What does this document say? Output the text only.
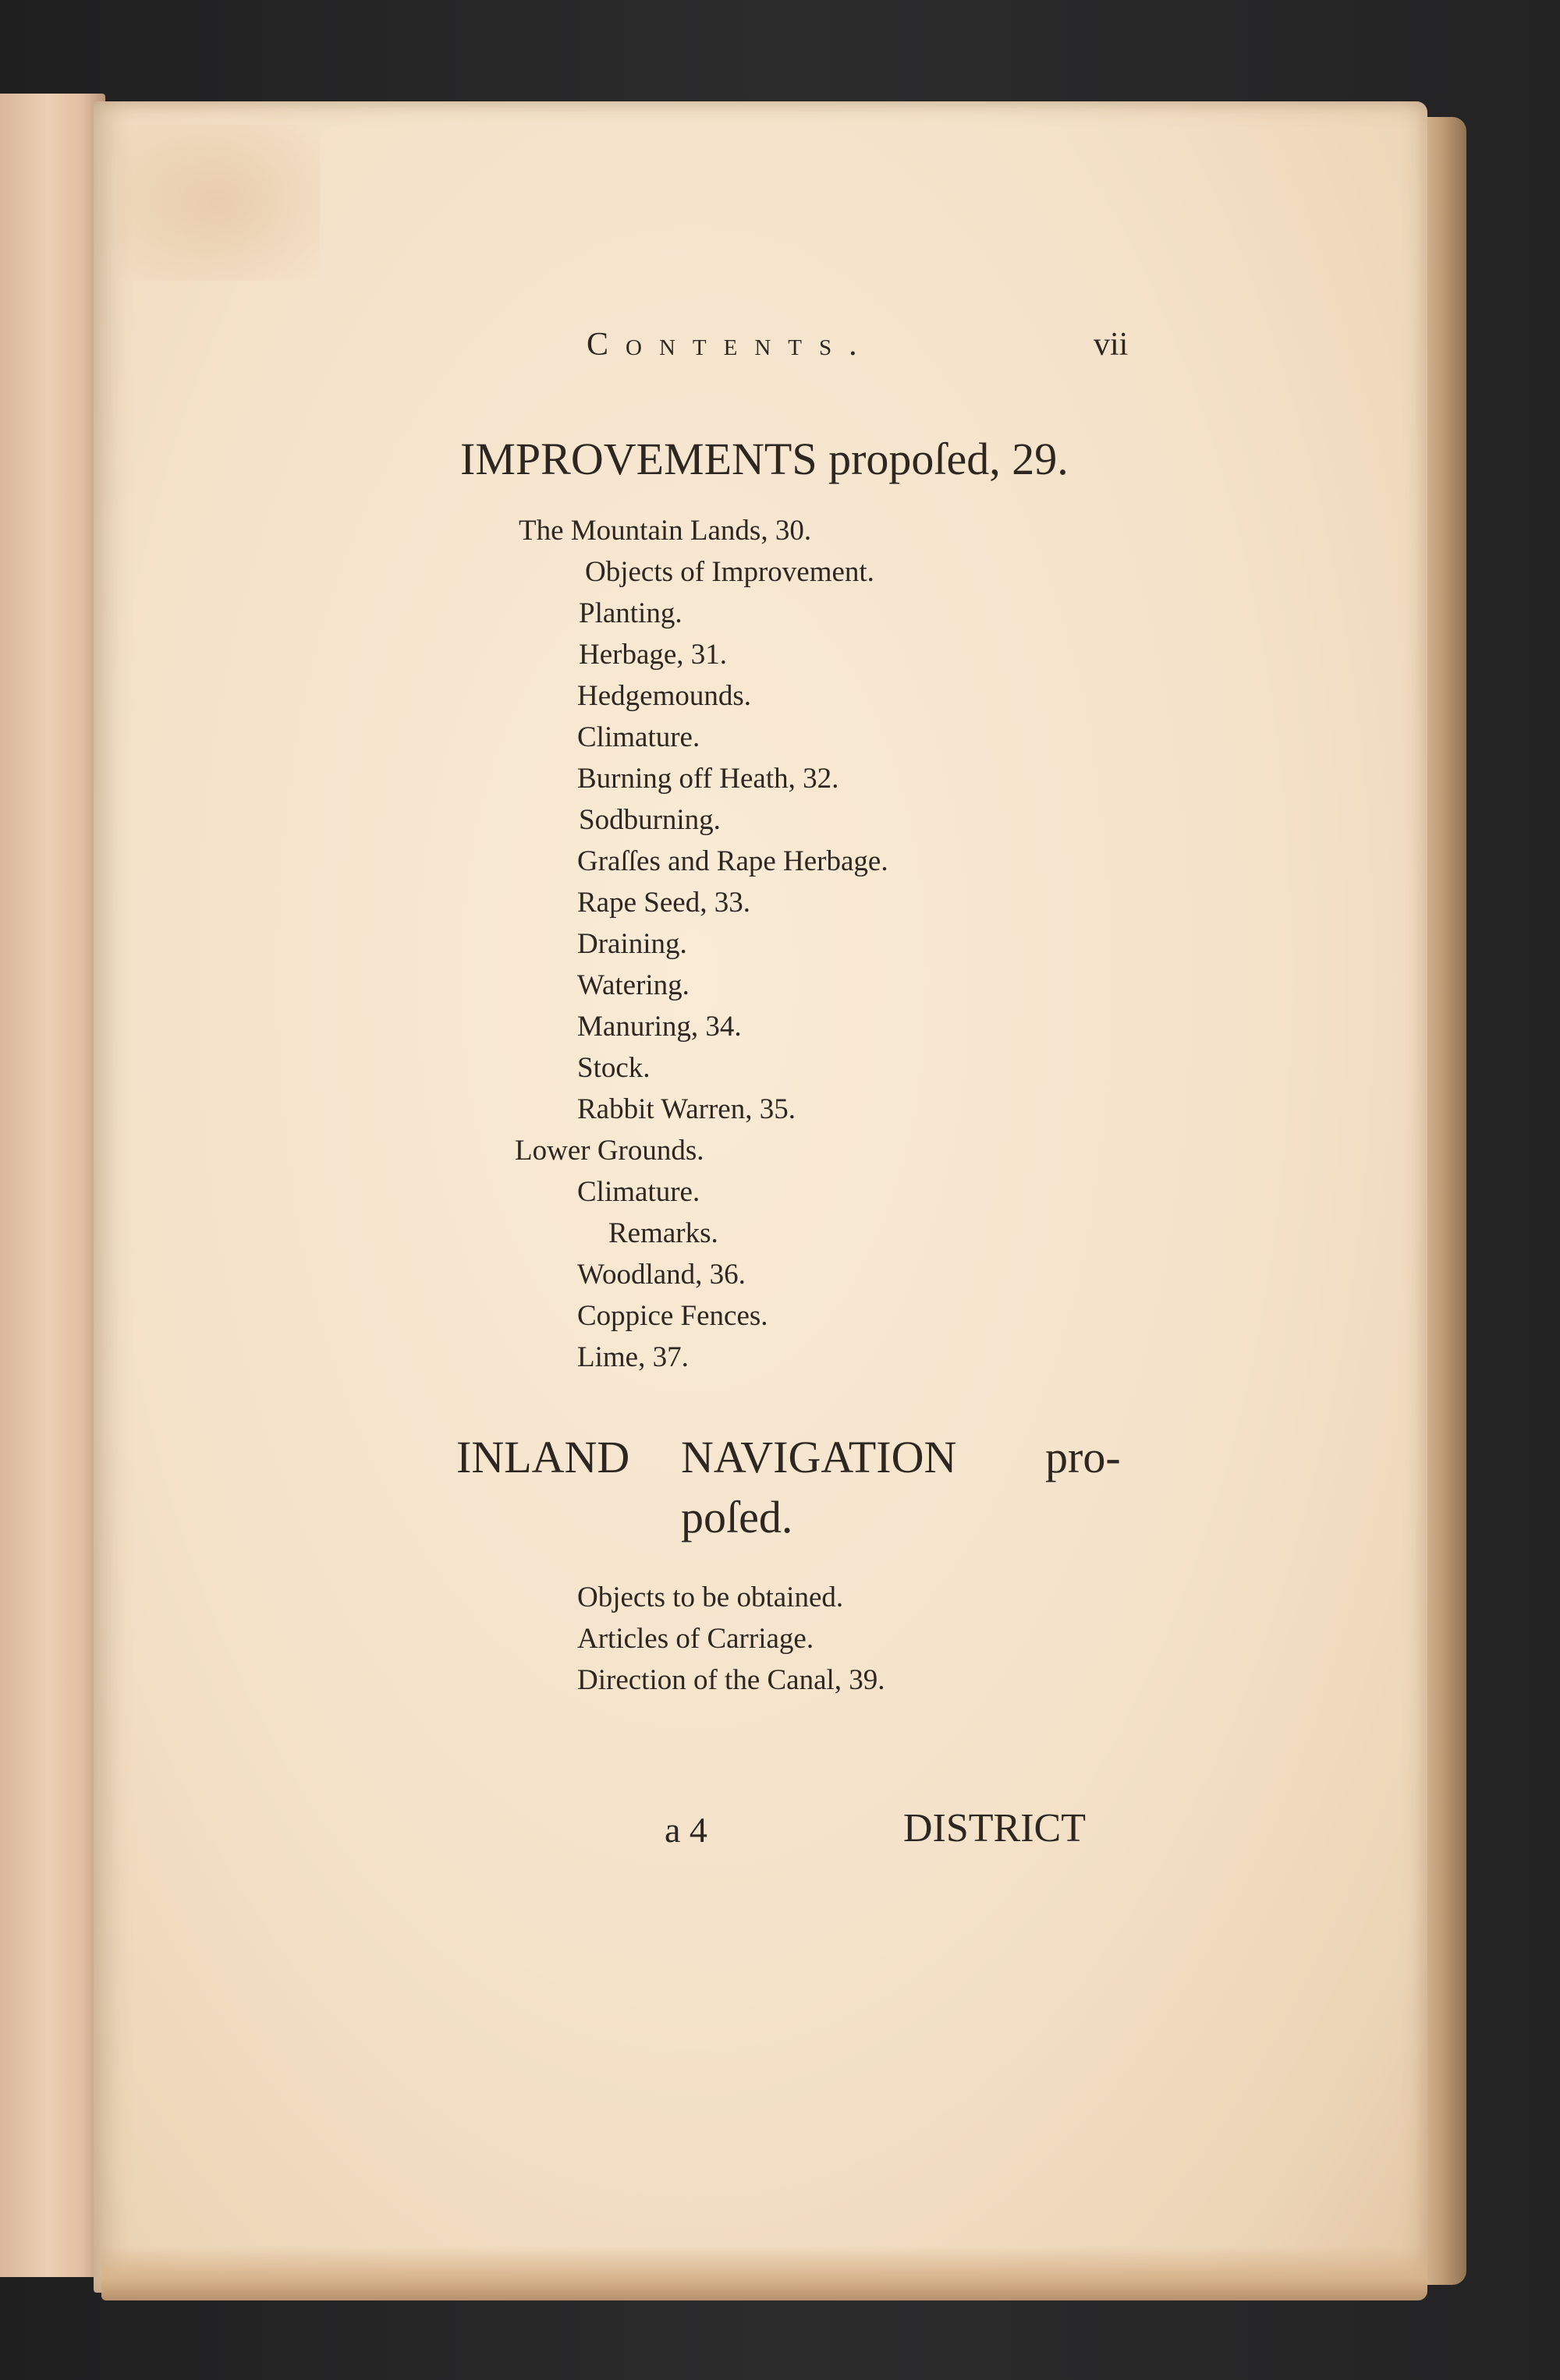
Contents.	vii
IMPROVEMENTS propoſed, 29.
The Mountain Lands, 30.
Objects of Improvement.
Planting.
Herbage, 31.
Hedgemounds.
Climature.
Burning off Heath, 32.
Sodburning.
Graſſes and Rape Herbage.
Rape Seed, 33.
Draining.
Watering.
Manuring, 34.
Stock.
Rabbit Warren, 35.
Lower Grounds.
Climature.
Remarks.
Woodland, 36.
Coppice Fences.
Lime, 37.
INLAND NAVIGATION pro-
poſed.
Objects to be obtained.
Articles of Carriage.
Direction of the Canal, 39.
a 4	DISTRICT
